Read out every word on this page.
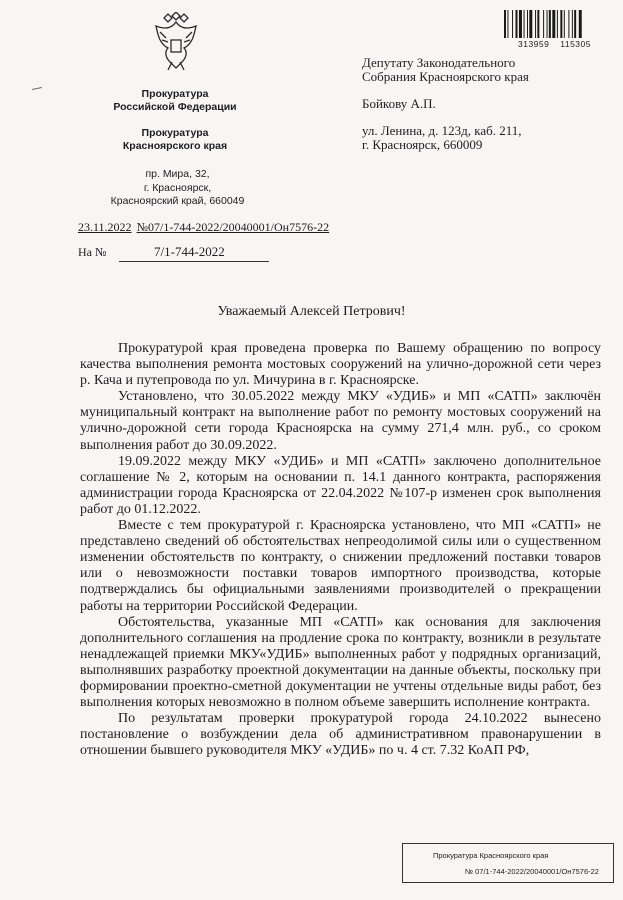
Прокуратура
Российской Федерации
Прокуратура
Красноярского края
пр. Мира, 32,
г. Красноярск,
Красноярский край, 660049
23.11.2022 №07/1-744-2022/20040001/Он7576-22
На №	7/1-744-2022
313959 115305
Депутату Законодательного
Собрания Красноярского края
Бойкову А.П.
ул. Ленина, д. 123д, каб. 211,
г. Красноярск, 660009
Уважаемый Алексей Петрович!

Прокуратурой края проведена проверка по Вашему обращению по вопросу качества выполнения ремонта мостовых сооружений на улично-дорожной сети через р. Кача и путепровода по ул. Мичурина в г. Красноярске.

Установлено, что 30.05.2022 между МКУ «УДИБ» и МП «САТП» заключён муниципальный контракт на выполнение работ по ремонту мостовых сооружений на улично-дорожной сети города Красноярска на сумму 271,4 млн. руб., со сроком выполнения работ до 30.09.2022.

19.09.2022 между МКУ «УДИБ» и МП «САТП» заключено дополнительное соглашение № 2, которым на основании п. 14.1 данного контракта, распоряжения администрации города Красноярска от 22.04.2022 №107-р изменен срок выполнения работ до 01.12.2022.

Вместе с тем прокуратурой г. Красноярска установлено, что МП «САТП» не представлено сведений об обстоятельствах непреодолимой силы или о существенном изменении обстоятельств по контракту, о снижении предложений поставки товаров или о невозможности поставки товаров импортного производства, которые подтверждались бы официальными заявлениями производителей о прекращении работы на территории Российской Федерации.

Обстоятельства, указанные МП «САТП» как основания для заключения дополнительного соглашения на продление срока по контракту, возникли в результате ненадлежащей приемки МКУ«УДИБ» выполненных работ у подрядных организаций, выполнявших разработку проектной документации на данные объекты, поскольку при формировании проектно-сметной документации не учтены отдельные виды работ, без выполнения которых невозможно в полном объеме завершить исполнение контракта.

По результатам проверки прокуратурой города 24.10.2022 вынесено постановление о возбуждении дела об административном правонарушении в отношении бывшего руководителя МКУ «УДИБ» по ч. 4 ст. 7.32 КоАП РФ,

Прокуратура Красноярского края
№ 07/1-744-2022/20040001/Он7576-22
